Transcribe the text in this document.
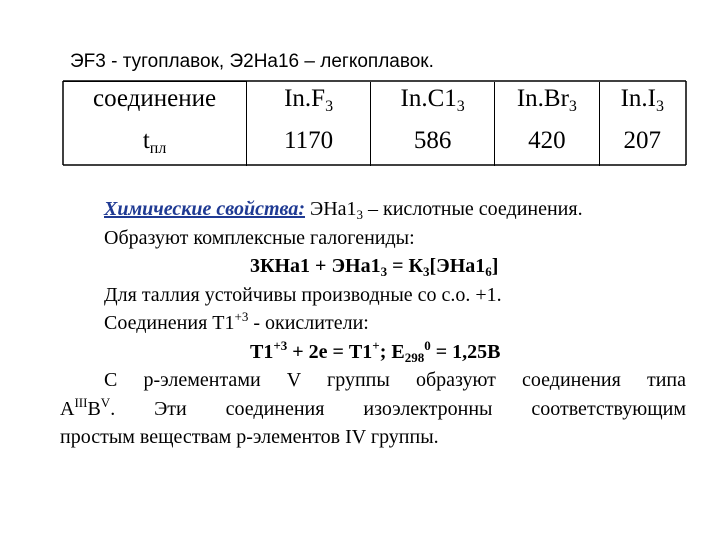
ЭF3 - тугоплавок, Э2На16 – легкоплавок.
соединение	$In.F_3$	$In.C1_3$	$In.Br_3$	$In.I_3$
$t_{пл}$	1170	586	420	207
Химические свойства: $ЭНа1_3$ – кислотные соединения.
Образуют комплексные галогениды:
$3КНа1 + ЭНа1_3 = К_3[ЭНа1_6]$
Для таллия устойчивы производные со с.о. +1.
Соединения $Т1^{+3}$ - окислители:
$Т1^{+3} + 2е = Т1^+$; $Е_{298}^0 = 1,25В$
С р-элементами V группы образуют соединения типа
$А^{III}В^V$. Эти соединения изоэлектронны соответствующим
простым веществам р-элементов IV группы.
